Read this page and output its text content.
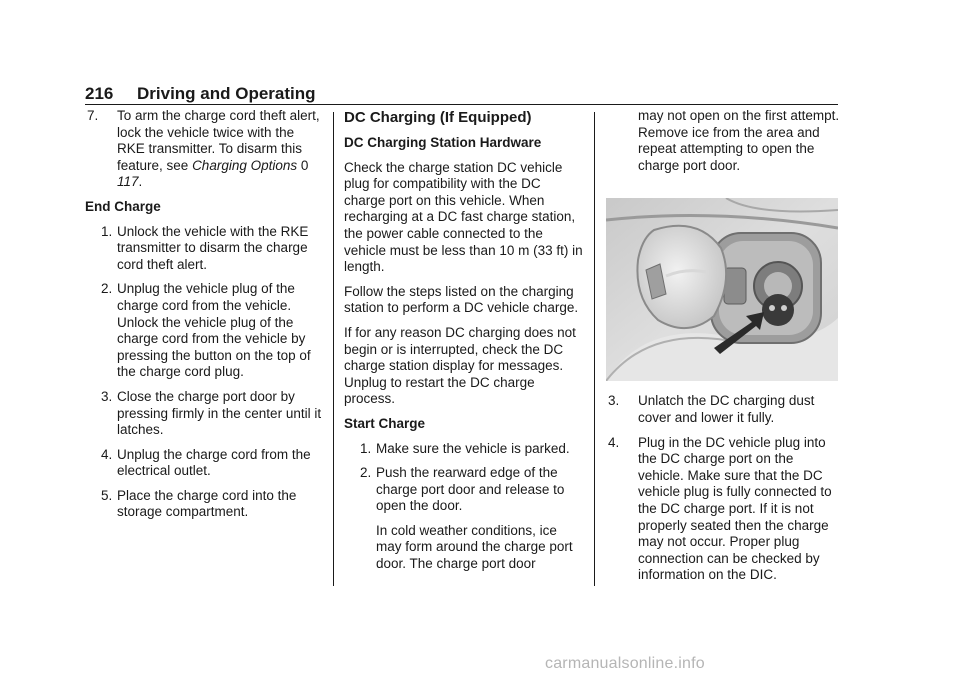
216 Driving and Operating
7.	To arm the charge cord theft alert, lock the vehicle twice with the RKE transmitter. To disarm this feature, see Charging Options 0 117.
End Charge
1. Unlock the vehicle with the RKE transmitter to disarm the charge cord theft alert.
2. Unplug the vehicle plug of the charge cord from the vehicle. Unlock the vehicle plug of the charge cord from the vehicle by pressing the button on the top of the charge cord plug.
3. Close the charge port door by pressing firmly in the center until it latches.
4. Unplug the charge cord from the electrical outlet.
5. Place the charge cord into the storage compartment.
DC Charging (If Equipped)
DC Charging Station Hardware

Check the charge station DC vehicle plug for compatibility with the DC charge port on this vehicle. When recharging at a DC fast charge station, the power cable connected to the vehicle must be less than 10 m (33 ft) in length.

Follow the steps listed on the charging station to perform a DC vehicle charge.

If for any reason DC charging does not begin or is interrupted, check the DC charge station display for messages. Unplug to restart the DC charge process.

Start Charge
1. Make sure the vehicle is parked.
2. Push the rearward edge of the charge port door and release to open the door.

In cold weather conditions, ice may form around the charge port door. The charge port door

may not open on the first attempt. Remove ice from the area and repeat attempting to open the charge port door.

3.	Unlatch the DC charging dust cover and lower it fully.
4.	Plug in the DC vehicle plug into the DC charge port on the vehicle. Make sure that the DC vehicle plug is fully connected to the DC charge port. If it is not properly seated then the charge may not occur. Proper plug connection can be checked by information on the DIC.
carmanualsonline.info
